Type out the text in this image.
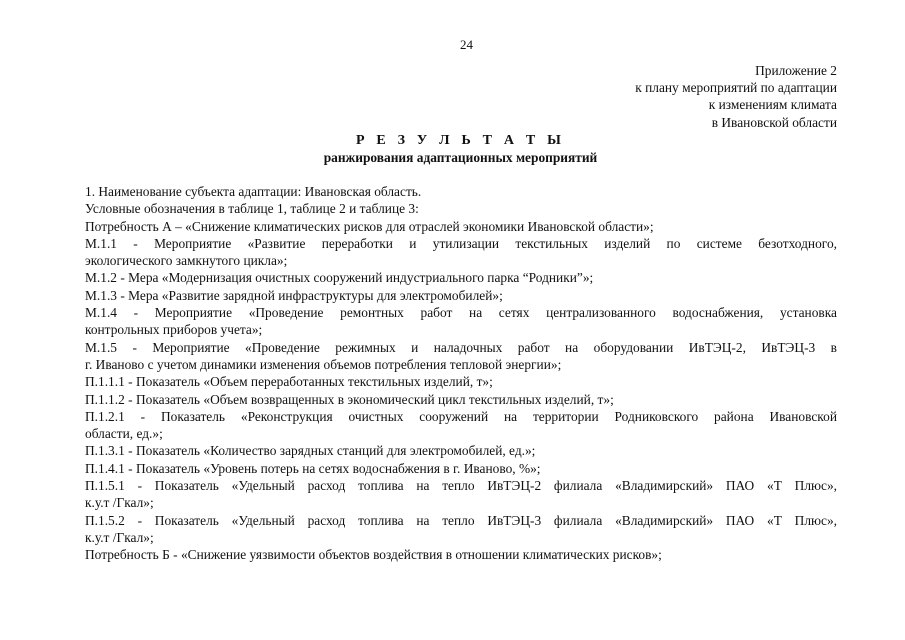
24
Приложение 2
к плану мероприятий по адаптации
к изменениям климата
в Ивановской области
Р Е З У Л Ь Т А Т Ы
ранжирования адаптационных мероприятий
1. Наименование субъекта адаптации: Ивановская область.
Условные обозначения в таблице 1, таблице 2 и таблице 3:
Потребность А – «Снижение климатических рисков для отраслей экономики Ивановской области»;
М.1.1 - Мероприятие «Развитие переработки и утилизации текстильных изделий по системе безотходного,
экологического замкнутого цикла»;
М.1.2 - Мера «Модернизация очистных сооружений индустриального парка “Родники”»;
М.1.3 - Мера «Развитие зарядной инфраструктуры для электромобилей»;
М.1.4 - Мероприятие «Проведение ремонтных работ на сетях централизованного водоснабжения, установка
контрольных приборов учета»;
М.1.5 - Мероприятие «Проведение режимных и наладочных работ на оборудовании ИвТЭЦ-2, ИвТЭЦ-3 в
г. Иваново с учетом динамики изменения объемов потребления тепловой энергии»;
П.1.1.1 - Показатель «Объем переработанных текстильных изделий, т»;
П.1.1.2 - Показатель «Объем возвращенных в экономический цикл текстильных изделий, т»;
П.1.2.1 - Показатель «Реконструкция очистных сооружений на территории Родниковского района Ивановской
области, ед.»;
П.1.3.1 - Показатель «Количество зарядных станций для электромобилей, ед.»;
П.1.4.1 - Показатель «Уровень потерь на сетях водоснабжения в г. Иваново, %»;
П.1.5.1 - Показатель «Удельный расход топлива на тепло ИвТЭЦ-2 филиала «Владимирский» ПАО «Т Плюс»,
к.у.т /Гкал»;
П.1.5.2 - Показатель «Удельный расход топлива на тепло ИвТЭЦ-3 филиала «Владимирский» ПАО «Т Плюс»,
к.у.т /Гкал»;
Потребность Б - «Снижение уязвимости объектов воздействия в отношении климатических рисков»;
